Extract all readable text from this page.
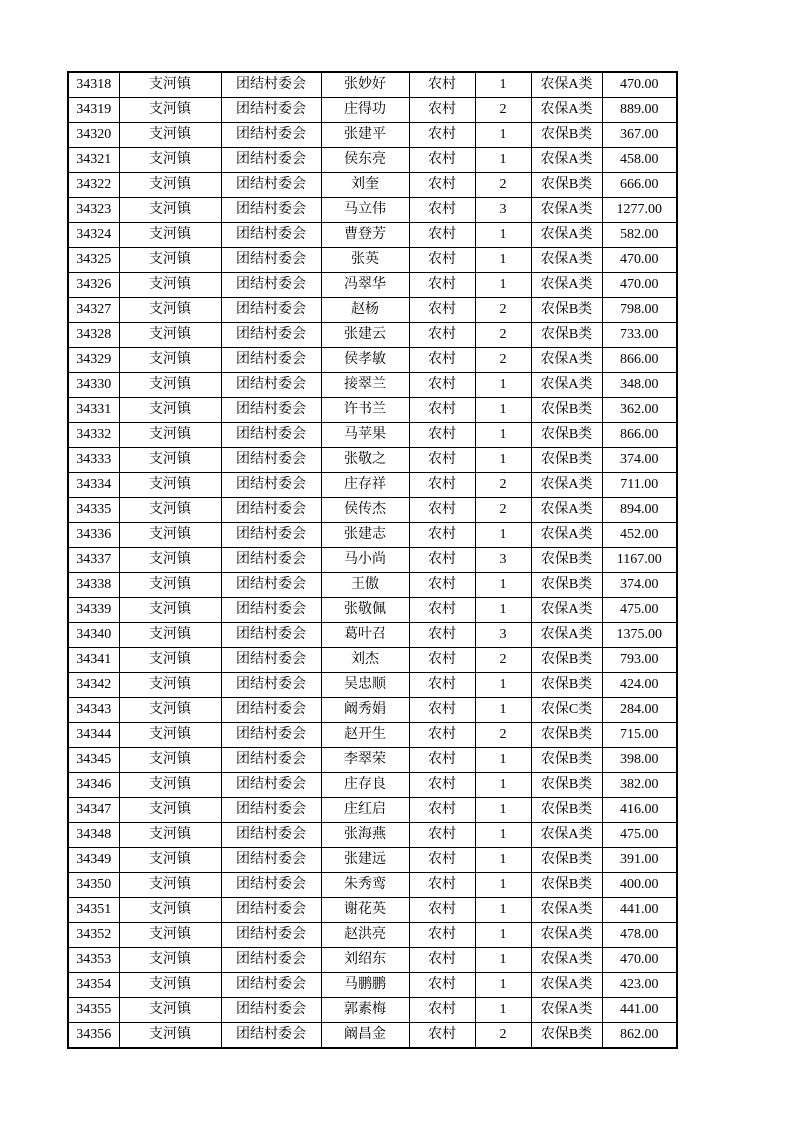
34318	支河镇	团结村委会	张妙好	农村	1	农保A类	470.00
34319	支河镇	团结村委会	庄得功	农村	2	农保A类	889.00
34320	支河镇	团结村委会	张建平	农村	1	农保B类	367.00
34321	支河镇	团结村委会	侯东亮	农村	1	农保A类	458.00
34322	支河镇	团结村委会	刘奎	农村	2	农保B类	666.00
34323	支河镇	团结村委会	马立伟	农村	3	农保A类	1277.00
34324	支河镇	团结村委会	曹登芳	农村	1	农保A类	582.00
34325	支河镇	团结村委会	张英	农村	1	农保A类	470.00
34326	支河镇	团结村委会	冯翠华	农村	1	农保A类	470.00
34327	支河镇	团结村委会	赵杨	农村	2	农保B类	798.00
34328	支河镇	团结村委会	张建云	农村	2	农保B类	733.00
34329	支河镇	团结村委会	侯孝敏	农村	2	农保A类	866.00
34330	支河镇	团结村委会	接翠兰	农村	1	农保A类	348.00
34331	支河镇	团结村委会	许书兰	农村	1	农保B类	362.00
34332	支河镇	团结村委会	马苹果	农村	1	农保B类	866.00
34333	支河镇	团结村委会	张敬之	农村	1	农保B类	374.00
34334	支河镇	团结村委会	庄存祥	农村	2	农保A类	711.00
34335	支河镇	团结村委会	侯传杰	农村	2	农保A类	894.00
34336	支河镇	团结村委会	张建志	农村	1	农保A类	452.00
34337	支河镇	团结村委会	马小尚	农村	3	农保B类	1167.00
34338	支河镇	团结村委会	王傲	农村	1	农保B类	374.00
34339	支河镇	团结村委会	张敬佩	农村	1	农保A类	475.00
34340	支河镇	团结村委会	葛叶召	农村	3	农保A类	1375.00
34341	支河镇	团结村委会	刘杰	农村	2	农保B类	793.00
34342	支河镇	团结村委会	吴忠顺	农村	1	农保B类	424.00
34343	支河镇	团结村委会	阚秀娟	农村	1	农保C类	284.00
34344	支河镇	团结村委会	赵开生	农村	2	农保B类	715.00
34345	支河镇	团结村委会	李翠荣	农村	1	农保B类	398.00
34346	支河镇	团结村委会	庄存良	农村	1	农保B类	382.00
34347	支河镇	团结村委会	庄红启	农村	1	农保B类	416.00
34348	支河镇	团结村委会	张海燕	农村	1	农保A类	475.00
34349	支河镇	团结村委会	张建远	农村	1	农保B类	391.00
34350	支河镇	团结村委会	朱秀鸾	农村	1	农保B类	400.00
34351	支河镇	团结村委会	谢花英	农村	1	农保A类	441.00
34352	支河镇	团结村委会	赵洪亮	农村	1	农保A类	478.00
34353	支河镇	团结村委会	刘绍东	农村	1	农保A类	470.00
34354	支河镇	团结村委会	马鹏鹏	农村	1	农保A类	423.00
34355	支河镇	团结村委会	郭素梅	农村	1	农保A类	441.00
34356	支河镇	团结村委会	阚昌金	农村	2	农保B类	862.00
